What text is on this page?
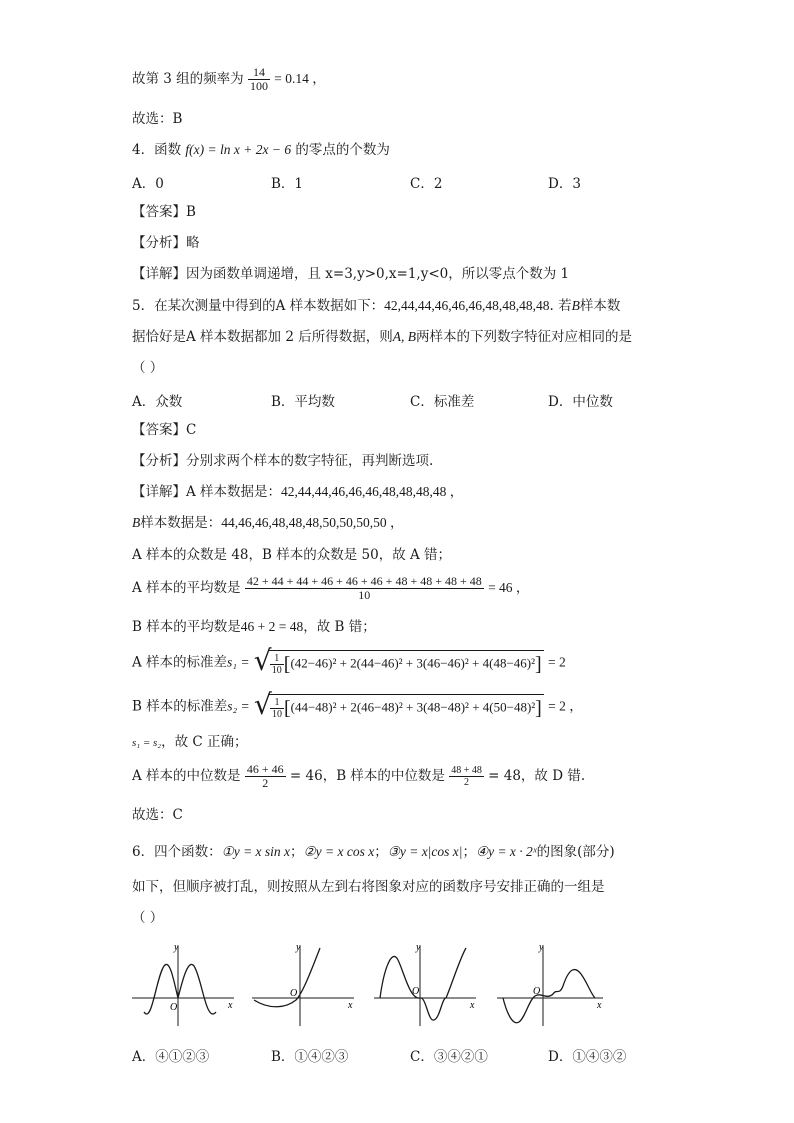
故第 3 组的频率为 $\frac{14}{100} = 0.14$ ，
故选：B
4．函数 f(x) = ln x + 2x − 6 的零点的个数为
A．0	B．1	C．2	D．3
【答案】B
【分析】略
【详解】因为函数单调递增，且 x=3,y>0,x=1,y<0，所以零点个数为 1
5．在某次测量中得到的A 样本数据如下：42,44,44,46,46,46,48,48,48,48. 若B样本数
据恰好是A 样本数据都加 2 后所得数据，则A, B两样本的下列数字特征对应相同的是
（ ）
A．众数	B．平均数	C．标准差	D．中位数
【答案】C
【分析】分别求两个样本的数字特征，再判断选项.
【详解】A 样本数据是：42,44,44,46,46,46,48,48,48,48 ，
B样本数据是：44,46,46,48,48,48,50,50,50,50 ，
A 样本的众数是 48，B 样本的众数是 50，故 A 错；
A 样本的平均数是 $\frac{42 + 44 + 44 + 46 + 46 + 46 + 48 + 48 + 48 + 48}{10} = 46$ ，
B 样本的平均数是46 + 2 = 48，故 B 错；
A 样本的标准差s₁ = √
$\frac{1}{10} [(42-46)^2 + 2(44-46)^2 + 3(46-46)^2 + 4(48-46)^2] = 2$
B 样本的标准差s₂ = √
$\frac{1}{10} [(44-48)^2 + 2(46-48)^2 + 3(48-48)^2 + 4(50-48)^2] = 2$ ，
s₁ = s₂，故 C 正确；
A 样本的中位数是 $\frac{46 + 46}{2} = 46$，B 样本的中位数是 $\frac{48 + 48}{2} = 48$，故 D 错.
故选：C
6．四个函数：①y = x sin x；②y = x cos x；③y = x|cos x|；④y = x · 2ˣ的图象(部分)
如下，但顺序被打乱，则按照从左到右将图象对应的函数序号安排正确的一组是
（ ）
y
x
O
y
x
O
y
x
O
y
x
O
A．④①②③	B．①④②③	C．③④②①	D．①④③②
